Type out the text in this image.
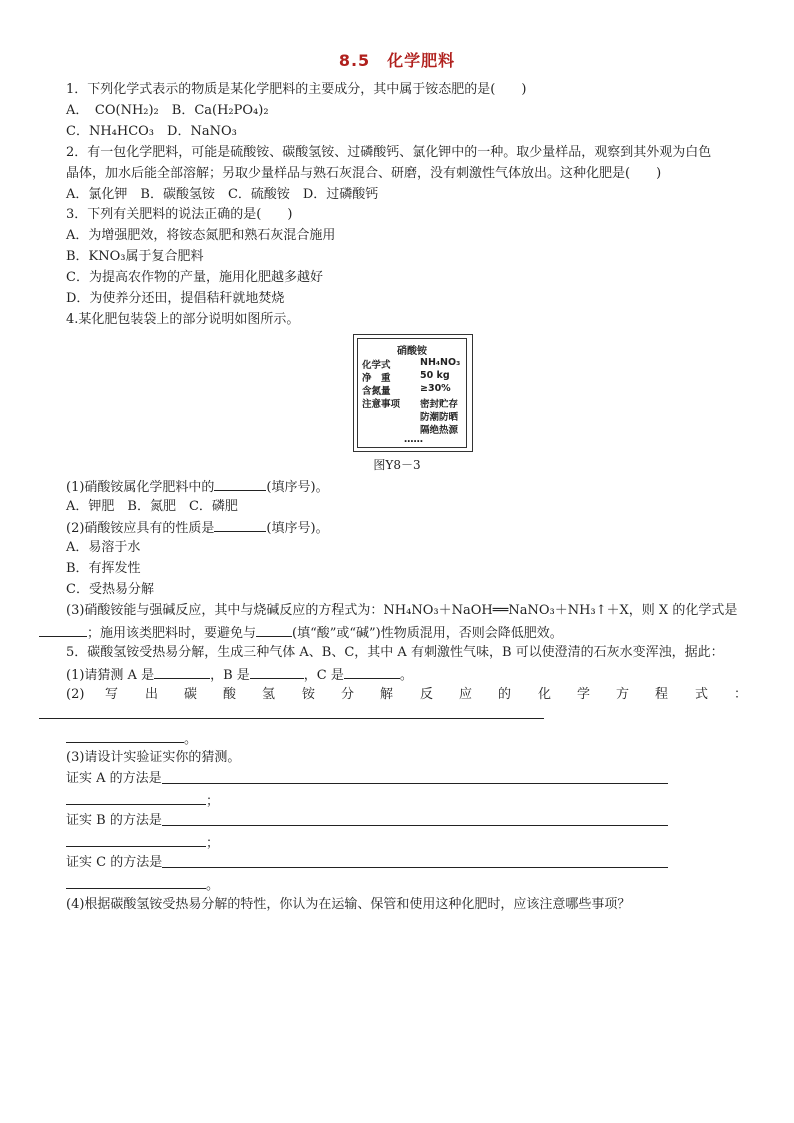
8.5　化学肥料
1．下列化学式表示的物质是某化学肥料的主要成分，其中属于铵态肥的是(　　)
A．　CO(NH₂)₂　B．Ca(H₂PO₄)₂
C．NH₄HCO₃　D．NaNO₃
2．有一包化学肥料，可能是硫酸铵、碳酸氢铵、过磷酸钙、氯化钾中的一种。取少量样品，观察到其外观为白色
晶体，加水后能全部溶解；另取少量样品与熟石灰混合、研磨，没有刺激性气体放出。这种化肥是(　　)
A．氯化钾　B．碳酸氢铵　C．硫酸铵　D．过磷酸钙
3．下列有关肥料的说法正确的是(　　)
A．为增强肥效，将铵态氮肥和熟石灰混合施用
B．KNO₃属于复合肥料
C．为提高农作物的产量，施用化肥越多越好
D．为使养分还田，提倡秸秆就地焚烧
4.某化肥包装袋上的部分说明如图所示。
硝酸铵
化学式	NH₄NO₃
净　重	50 kg
含氮量	≥30%
注意事项 密封贮存
防潮防晒
隔绝热源
……
图Y8－3
(1)硝酸铵属化学肥料中的	(填序号)。
A．钾肥　B．氮肥　C．磷肥
(2)硝酸铵应具有的性质是	(填序号)。
A．易溶于水
B．有挥发性
C．受热易分解
(3)硝酸铵能与强碱反应，其中与烧碱反应的方程式为：NH₄NO₃＋NaOH══NaNO₃＋NH₃↑＋X，则 X 的化学式是
；施用该类肥料时，要避免与	(填“酸”或“碱”)性物质混用，否则会降低肥效。
5．碳酸氢铵受热易分解，生成三种气体 A、B、C，其中 A 有刺激性气味，B 可以使澄清的石灰水变浑浊，据此：
(1)请猜测 A 是	，B 是	，C 是	。
(2) 写 出 碳 酸 氢 铵 分 解 反 应 的 化 学 方 程 式 ：
。
(3)请设计实验证实你的猜测。
证实 A 的方法是
；
证实 B 的方法是
；
证实 C 的方法是
。
(4)根据碳酸氢铵受热易分解的特性，你认为在运输、保管和使用这种化肥时，应该注意哪些事项？
